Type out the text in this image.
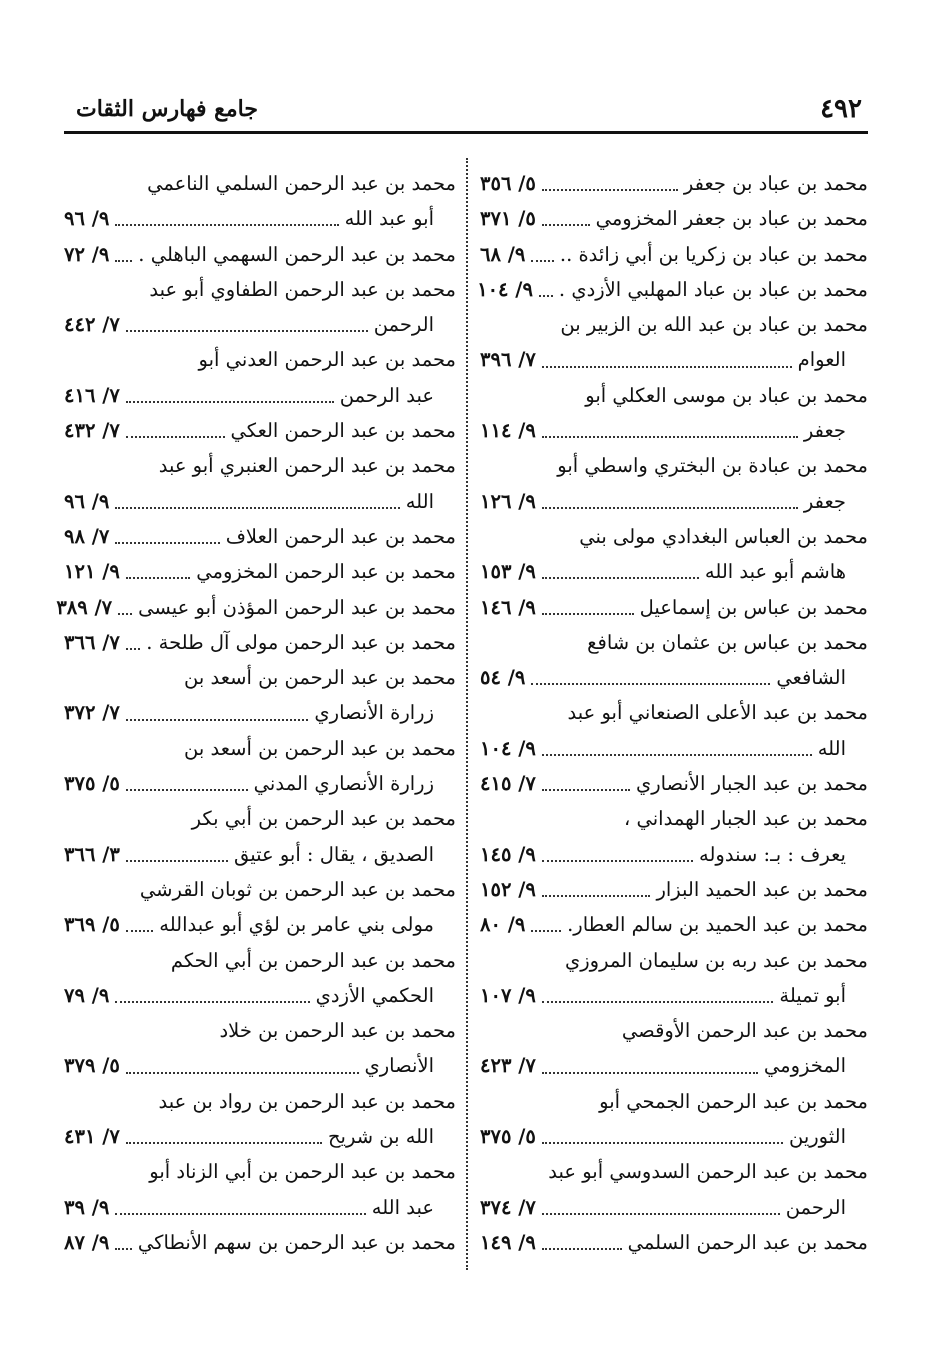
٤٩٢
جامع فهارس الثقات
محمد بن عباد بن جعفر
٥/ ٣٥٦
محمد بن عباد بن جعفر المخزومي
٥/ ٣٧١
محمد بن عباد بن زكريا بن أبي زائدة ..
٩/ ٦٨
محمد بن عباد بن عباد المهلبي الأزدي .
٩/ ١٠٤
محمد بن عباد بن عبد الله بن الزبير بن
العوام
٧/ ٣٩٦
محمد بن عباد بن موسى العكلي أبو
جعفر
٩/ ١١٤
محمد بن عبادة بن البختري واسطي أبو
جعفر
٩/ ١٢٦
محمد بن العباس البغدادي مولى بني
هاشم أبو عبد الله
٩/ ١٥٣
محمد بن عباس بن إسماعيل
٩/ ١٤٦
محمد بن عباس بن عثمان بن شافع
الشافعي
٩/ ٥٤
محمد بن عبد الأعلى الصنعاني أبو عبد
الله
٩/ ١٠٤
محمد بن عبد الجبار الأنصاري
٧/ ٤١٥
محمد بن عبد الجبار الهمداني ،
يعرف : بـ: سندوله
٩/ ١٤٥
محمد بن عبد الحميد البزار
٩/ ١٥٢
محمد بن عبد الحميد بن سالم العطار.
٩/ ٨٠
محمد بن عبد ربه بن سليمان المروزي
أبو تميلة
٩/ ١٠٧
محمد بن عبد الرحمن الأوقصي
المخزومي
٧/ ٤٢٣
محمد بن عبد الرحمن الجمحي أبو
الثورين
٥/ ٣٧٥
محمد بن عبد الرحمن السدوسي أبو عبد
الرحمن
٧/ ٣٧٤
محمد بن عبد الرحمن السلمي
٩/ ١٤٩
محمد بن عبد الرحمن السلمي الناعمي
أبو عبد الله
٩/ ٩٦
محمد بن عبد الرحمن السهمي الباهلي .
٩/ ٧٢
محمد بن عبد الرحمن الطفاوي أبو عبد
الرحمن
٧/ ٤٤٢
محمد بن عبد الرحمن العدني أبو
عبد الرحمن
٧/ ٤١٦
محمد بن عبد الرحمن العكي
٧/ ٤٣٢
محمد بن عبد الرحمن العنبري أبو عبد
الله
٩/ ٩٦
محمد بن عبد الرحمن العلاف
٧/ ٩٨
محمد بن عبد الرحمن المخزومي
٩/ ١٢١
محمد بن عبد الرحمن المؤذن أبو عيسى
٧/ ٣٨٩
محمد بن عبد الرحمن مولى آل طلحة .
٧/ ٣٦٦
محمد بن عبد الرحمن بن أسعد بن
زرارة الأنصاري
٧/ ٣٧٢
محمد بن عبد الرحمن بن أسعد بن
زرارة الأنصاري المدني
٥/ ٣٧٥
محمد بن عبد الرحمن بن أبي بكر
الصديق ، يقال : أبو عتيق
٣/ ٣٦٦
محمد بن عبد الرحمن بن ثوبان القرشي
مولى بني عامر بن لؤي أبو عبدالله
٥/ ٣٦٩
محمد بن عبد الرحمن بن أبي الحكم
الحكمي الأزدي
٩/ ٧٩
محمد بن عبد الرحمن بن خلاد
الأنصاري
٥/ ٣٧٩
محمد بن عبد الرحمن بن رواد بن عبد
الله بن شريح
٧/ ٤٣١
محمد بن عبد الرحمن بن أبي الزناد أبو
عبد الله
٩/ ٣٩
محمد بن عبد الرحمن بن سهم الأنطاكي
٩/ ٨٧
